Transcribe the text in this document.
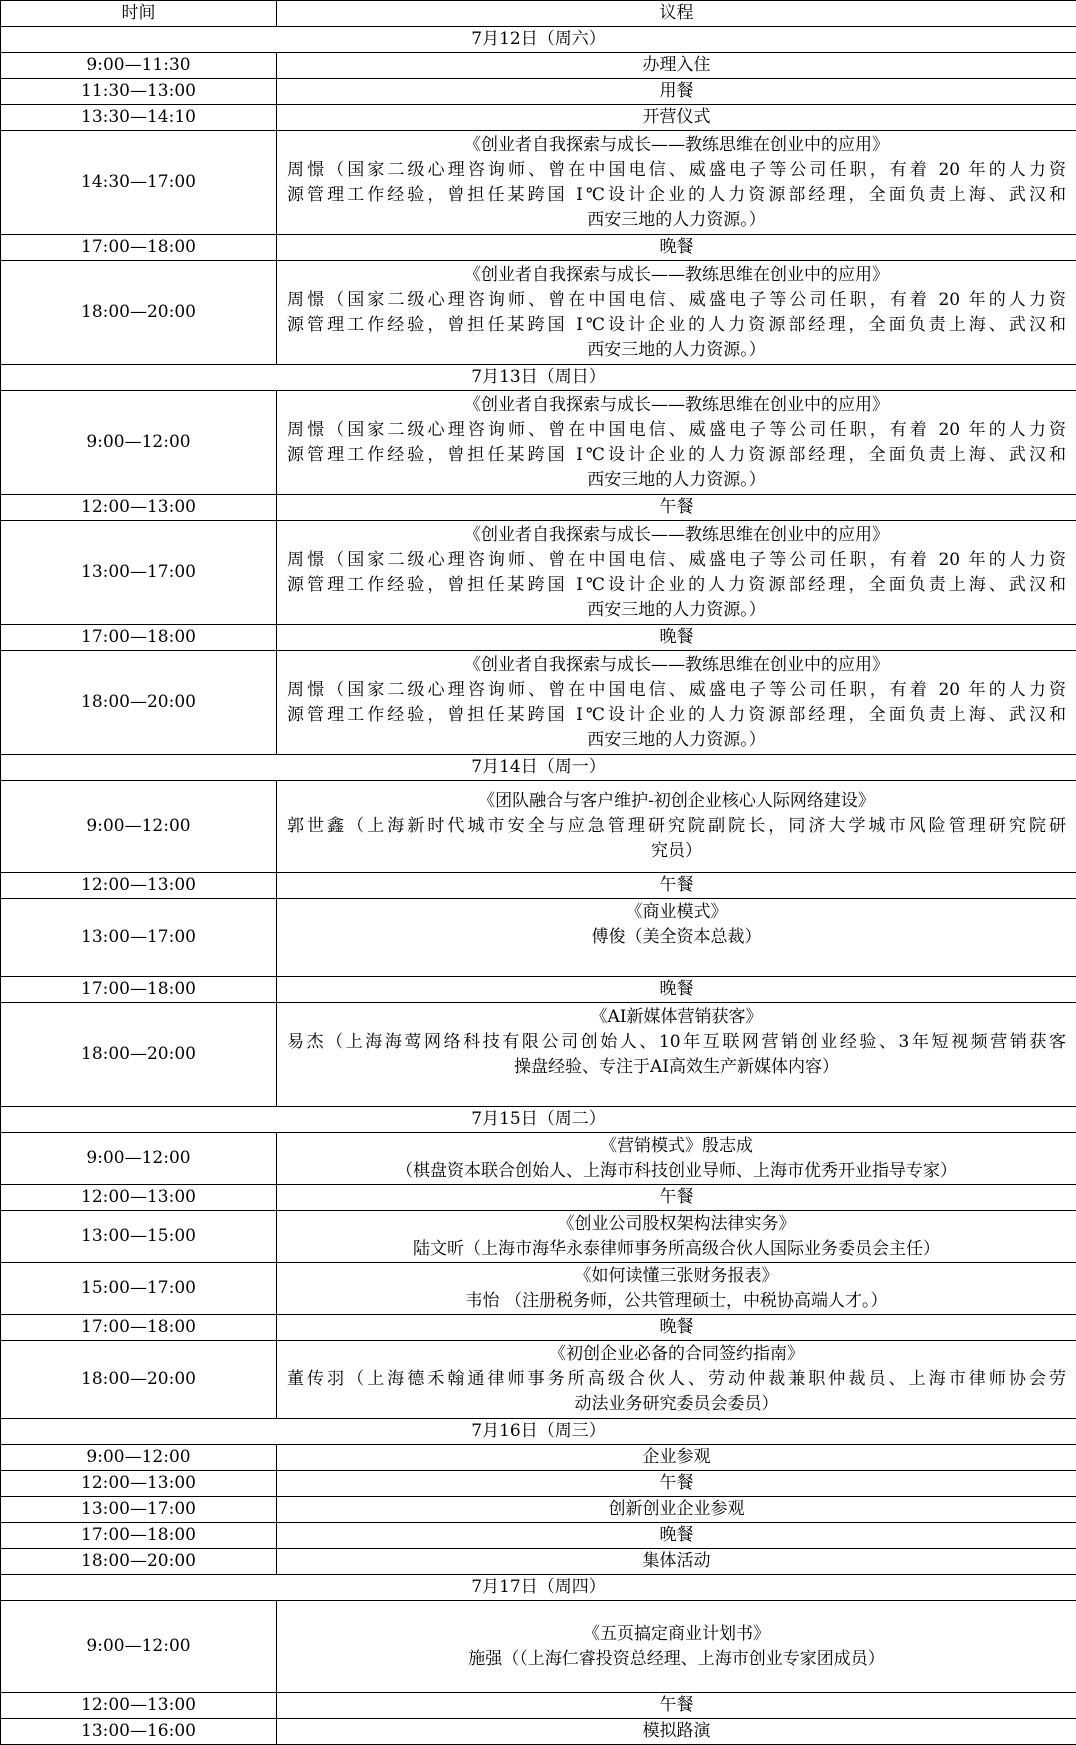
时间	议程
7月12日（周六）	
9:00—11:30	办理入住

11:30—13:00	用餐

13:30—14:10	开营仪式

14:30—17:00	《创业者自我探索与成长——教练思维在创业中的应用》
周憬（国家二级心理咨询师、曾在中国电信、威盛电子等公司任职，有着 20 年的人力资
源管理工作经验，曾担任某跨国 I℃设计企业的人力资源部经理，全面负责上海、武汉和
西安三地的人力资源。）

17:00—18:00	晚餐

18:00—20:00	《创业者自我探索与成长——教练思维在创业中的应用》
周憬（国家二级心理咨询师、曾在中国电信、威盛电子等公司任职，有着 20 年的人力资
源管理工作经验，曾担任某跨国 I℃设计企业的人力资源部经理，全面负责上海、武汉和
西安三地的人力资源。）

7月13日（周日）	
9:00—12:00	《创业者自我探索与成长——教练思维在创业中的应用》
周憬（国家二级心理咨询师、曾在中国电信、威盛电子等公司任职，有着 20 年的人力资
源管理工作经验，曾担任某跨国 I℃设计企业的人力资源部经理，全面负责上海、武汉和
西安三地的人力资源。）

12:00—13:00	午餐

13:00—17:00	《创业者自我探索与成长——教练思维在创业中的应用》
周憬（国家二级心理咨询师、曾在中国电信、威盛电子等公司任职，有着 20 年的人力资
源管理工作经验，曾担任某跨国 I℃设计企业的人力资源部经理，全面负责上海、武汉和
西安三地的人力资源。）

17:00—18:00	晚餐

18:00—20:00	《创业者自我探索与成长——教练思维在创业中的应用》
周憬（国家二级心理咨询师、曾在中国电信、威盛电子等公司任职，有着 20 年的人力资
源管理工作经验，曾担任某跨国 I℃设计企业的人力资源部经理，全面负责上海、武汉和
西安三地的人力资源。）

7月14日（周一）	
9:00—12:00	《团队融合与客户维护-初创企业核心人际网络建设》
郭世鑫（上海新时代城市安全与应急管理研究院副院长，同济大学城市风险管理研究院研
究员）

12:00—13:00	午餐

13:00—17:00	《商业模式》
傅俊（美全资本总裁）

17:00—18:00	晚餐

18:00—20:00	《AI新媒体营销获客》
易杰（上海海莺网络科技有限公司创始人、10年互联网营销创业经验、3年短视频营销获客
操盘经验、专注于AI高效生产新媒体内容）

7月15日（周二）	
9:00—12:00	《营销模式》殷志成
（棋盘资本联合创始人、上海市科技创业导师、上海市优秀开业指导专家）

12:00—13:00	午餐

13:00—15:00	《创业公司股权架构法律实务》
陆文昕（上海市海华永泰律师事务所高级合伙人国际业务委员会主任）

15:00—17:00	《如何读懂三张财务报表》
韦怡 （注册税务师，公共管理硕士，中税协高端人才。）

17:00—18:00	晚餐

18:00—20:00	《初创企业必备的合同签约指南》
董传羽（上海德禾翰通律师事务所高级合伙人、劳动仲裁兼职仲裁员、上海市律师协会劳
动法业务研究委员会委员）

7月16日（周三）	
9:00—12:00	企业参观

12:00—13:00	午餐

13:00—17:00	创新创业企业参观

17:00—18:00	晚餐

18:00—20:00	集体活动

7月17日（周四）	
9:00—12:00	《五页搞定商业计划书》
施强（（上海仁睿投资总经理、上海市创业专家团成员）

12:00—13:00	午餐

13:00—16:00	模拟路演
